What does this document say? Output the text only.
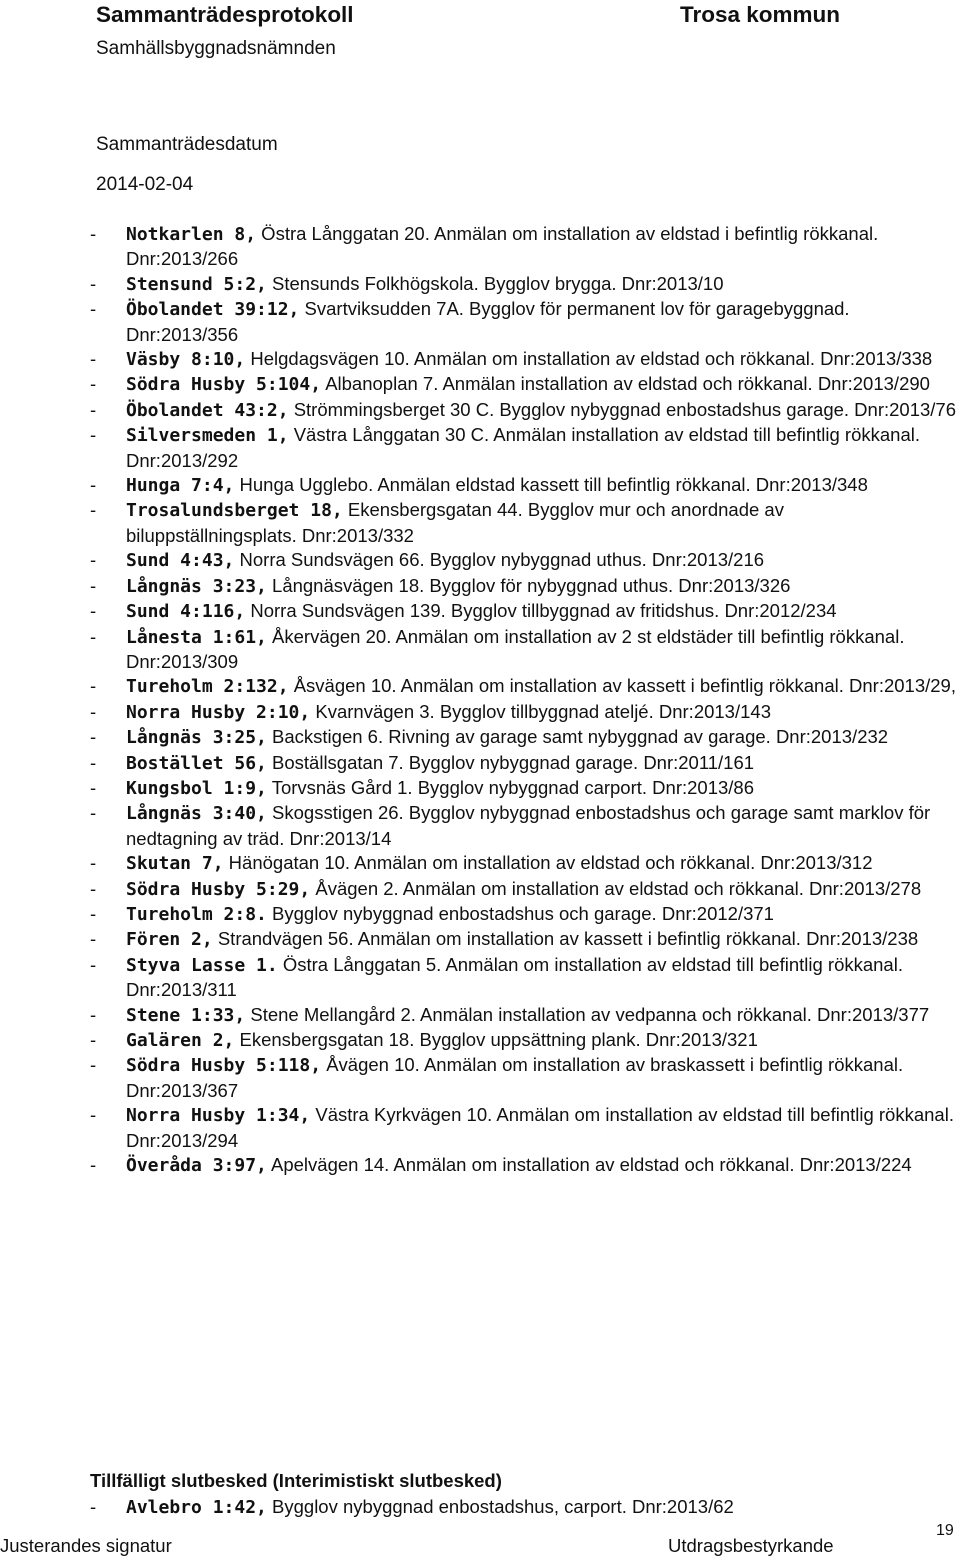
Sammanträdesprotokoll	Trosa kommun
Samhällsbyggnadsnämnden
Sammanträdesdatum
2014-02-04
- Notkarlen 8, Östra Långgatan 20. Anmälan om installation av eldstad i befintlig rökkanal. Dnr:2013/266
- Stensund 5:2, Stensunds Folkhögskola. Bygglov brygga. Dnr:2013/10
- Öbolandet 39:12, Svartviksudden 7A. Bygglov för permanent lov för garagebyggnad. Dnr:2013/356
- Väsby 8:10, Helgdagsvägen 10. Anmälan om installation av eldstad och rökkanal. Dnr:2013/338
- Södra Husby 5:104, Albanoplan 7. Anmälan installation av eldstad och rökkanal. Dnr:2013/290
- Öbolandet 43:2, Strömmingsberget 30 C. Bygglov nybyggnad enbostadshus garage. Dnr:2013/76
- Silversmeden 1, Västra Långgatan 30 C. Anmälan installation av eldstad till befintlig rökkanal. Dnr:2013/292
- Hunga 7:4, Hunga Ugglebo. Anmälan eldstad kassett till befintlig rökkanal. Dnr:2013/348
- Trosalundsberget 18, Ekensbergsgatan 44. Bygglov mur och anordnade av biluppställningsplats. Dnr:2013/332
- Sund 4:43, Norra Sundsvägen 66. Bygglov nybyggnad uthus. Dnr:2013/216
- Långnäs 3:23, Långnäsvägen 18. Bygglov för nybyggnad uthus. Dnr:2013/326
- Sund 4:116, Norra Sundsvägen 139. Bygglov tillbyggnad av fritidshus. Dnr:2012/234
- Lånesta 1:61, Åkervägen 20. Anmälan om installation av 2 st eldstäder till befintlig rökkanal. Dnr:2013/309
- Tureholm 2:132, Åsvägen 10. Anmälan om installation av kassett i befintlig rökkanal. Dnr:2013/29,
- Norra Husby 2:10, Kvarnvägen 3. Bygglov tillbyggnad ateljé. Dnr:2013/143
- Långnäs 3:25, Backstigen 6. Rivning av garage samt nybyggnad av garage. Dnr:2013/232
- Bostället 56, Boställsgatan 7. Bygglov nybyggnad garage. Dnr:2011/161
- Kungsbol 1:9, Torvsnäs Gård 1. Bygglov nybyggnad carport. Dnr:2013/86
- Långnäs 3:40, Skogsstigen 26. Bygglov nybyggnad enbostadshus och garage samt marklov för nedtagning av träd. Dnr:2013/14
- Skutan 7, Hänögatan 10. Anmälan om installation av eldstad och rökkanal. Dnr:2013/312
- Södra Husby 5:29, Åvägen 2. Anmälan om installation av eldstad och rökkanal. Dnr:2013/278
- Tureholm 2:8. Bygglov nybyggnad enbostadshus och garage. Dnr:2012/371
- Fören 2, Strandvägen 56. Anmälan om installation av kassett i befintlig rökkanal. Dnr:2013/238
- Styva Lasse 1. Östra Långgatan 5. Anmälan om installation av eldstad till befintlig rökkanal. Dnr:2013/311
- Stene 1:33, Stene Mellangård 2. Anmälan installation av vedpanna och rökkanal. Dnr:2013/377
- Galären 2, Ekensbergsgatan 18. Bygglov uppsättning plank. Dnr:2013/321
- Södra Husby 5:118, Åvägen 10. Anmälan om installation av braskassett i befintlig rökkanal. Dnr:2013/367
- Norra Husby 1:34, Västra Kyrkvägen 10. Anmälan om installation av eldstad till befintlig rökkanal. Dnr:2013/294
- Överåda 3:97, Apelvägen 14. Anmälan om installation av eldstad och rökkanal. Dnr:2013/224
Tillfälligt slutbesked (Interimistiskt slutbesked)
- Avlebro 1:42, Bygglov nybyggnad enbostadshus, carport. Dnr:2013/62
Justerandes signatur	Utdragsbestyrkande
19
